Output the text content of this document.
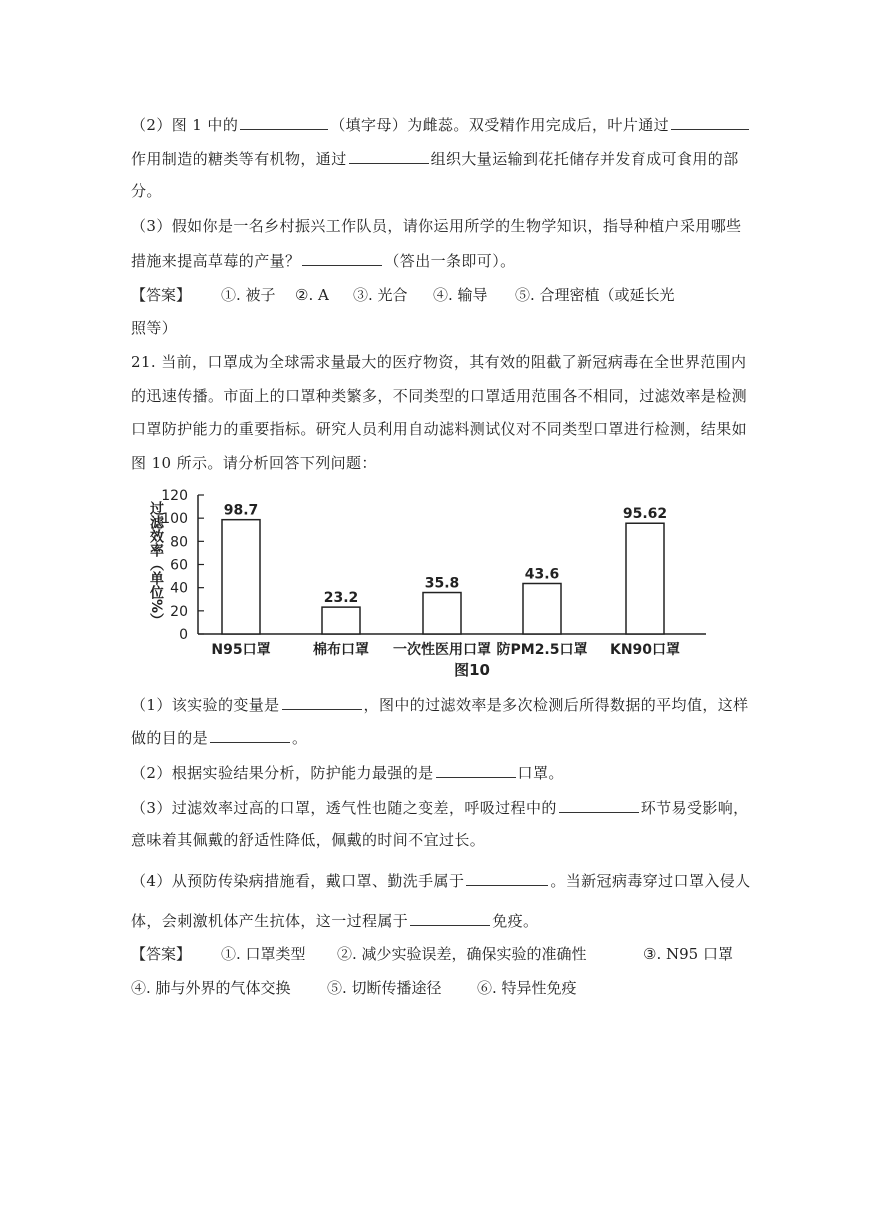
（2）图 1 中的	（填字母）为雌蕊。双受精作用完成后，叶片通过
作用制造的糖类等有机物，通过	组织大量运输到花托储存并发育成可食用的部
分。
（3）假如你是一名乡村振兴工作队员，请你运用所学的生物学知识，指导种植户采用哪些
措施来提高草莓的产量？	（答出一条即可）。
【答案】 ①. 被子 ②. A ③. 光合 ④. 输导 ⑤. 合理密植（或延长光
照等）
21. 当前，口罩成为全球需求量最大的医疗物资，其有效的阻截了新冠病毒在全世界范围内
的迅速传播。市面上的口罩种类繁多，不同类型的口罩适用范围各不相同，过滤效率是检测
口罩防护能力的重要指标。研究人员利用自动滤料测试仪对不同类型口罩进行检测，结果如
图 10 所示。请分析回答下列问题：
0
20
40
60
80
100
120
过滤效率（单位%）
图10
98.7
N95口罩
23.2
棉布口罩
35.8
一次性医用口罩
43.6
防PM2.5口罩
95.62
KN90口罩
（1）该实验的变量是	，图中的过滤效率是多次检测后所得数据的平均值，这样
做的目的是	。
（2）根据实验结果分析，防护能力最强的是	口罩。
（3）过滤效率过高的口罩，透气性也随之变差，呼吸过程中的	环节易受影响，
意味着其佩戴的舒适性降低，佩戴的时间不宜过长。
（4）从预防传染病措施看，戴口罩、勤洗手属于	。当新冠病毒穿过口罩入侵人
体，会刺激机体产生抗体，这一过程属于	免疫。
【答案】 ①. 口罩类型 ②. 减少实验误差，确保实验的准确性	③. N95 口罩
④. 肺与外界的气体交换 ⑤. 切断传播途径 ⑥. 特异性免疫
